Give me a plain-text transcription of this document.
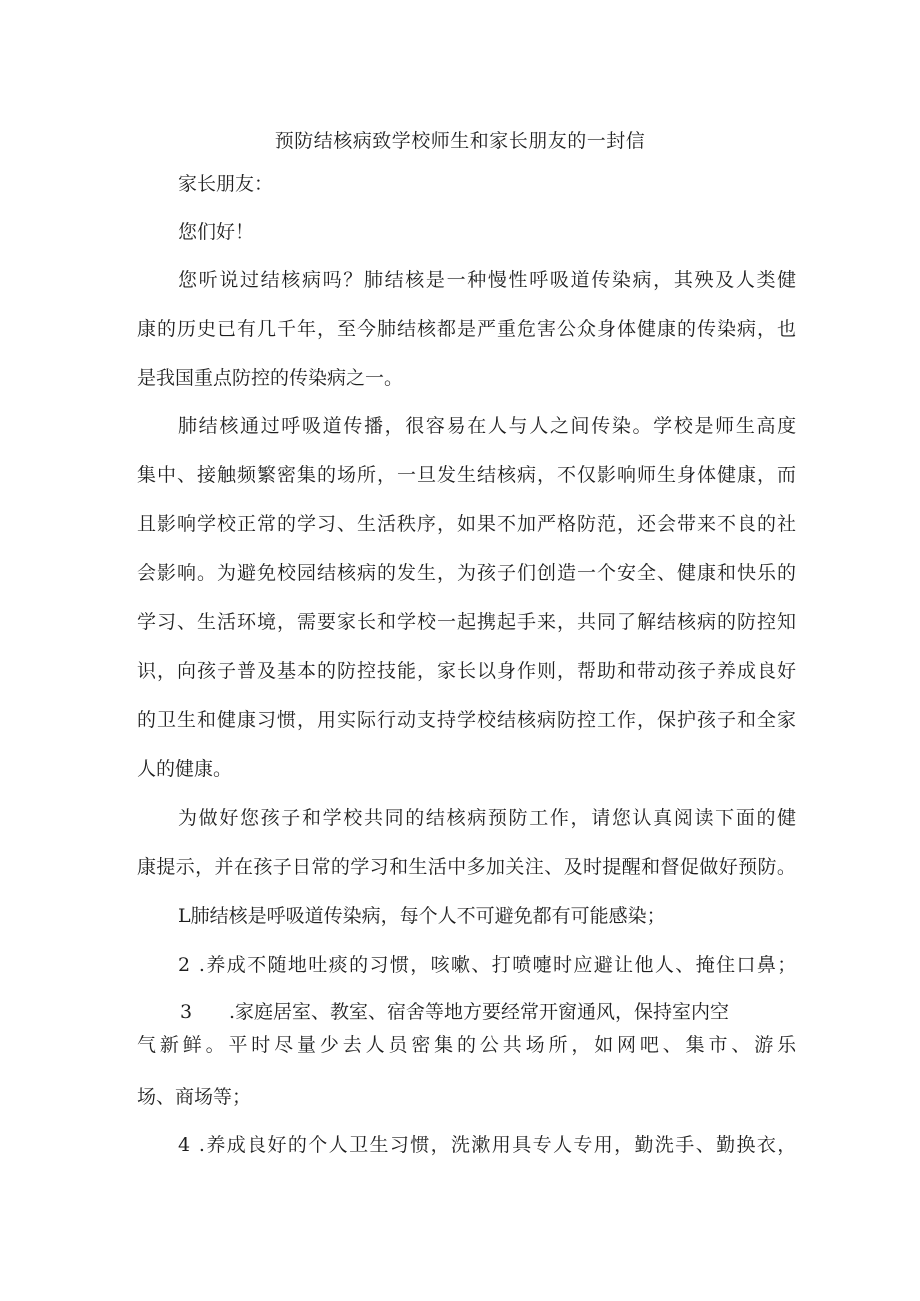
预防结核病致学校师生和家长朋友的一封信
家长朋友：
您们好！
您听说过结核病吗？肺结核是一种慢性呼吸道传染病，其殃及人类健
康的历史已有几千年，至今肺结核都是严重危害公众身体健康的传染病，也
是我国重点防控的传染病之一。
肺结核通过呼吸道传播，很容易在人与人之间传染。学校是师生高度
集中、接触频繁密集的场所，一旦发生结核病，不仅影响师生身体健康，而
且影响学校正常的学习、生活秩序，如果不加严格防范，还会带来不良的社
会影响。为避免校园结核病的发生，为孩子们创造一个安全、健康和快乐的
学习、生活环境，需要家长和学校一起携起手来，共同了解结核病的防控知
识，向孩子普及基本的防控技能，家长以身作则，帮助和带动孩子养成良好
的卫生和健康习惯，用实际行动支持学校结核病防控工作，保护孩子和全家
人的健康。
为做好您孩子和学校共同的结核病预防工作，请您认真阅读下面的健
康提示，并在孩子日常的学习和生活中多加关注、及时提醒和督促做好预防。
L肺结核是呼吸道传染病，每个人不可避免都有可能感染；
2 .养成不随地吐痰的习惯，咳嗽、打喷嚏时应避让他人、掩住口鼻；
3 .家庭居室、教室、宿舍等地方要经常开窗通风，保持室内空
气新鲜。平时尽量少去人员密集的公共场所，如网吧、集市、游乐
场、商场等；
4 .养成良好的个人卫生习惯，洗漱用具专人专用，勤洗手、勤换衣，
